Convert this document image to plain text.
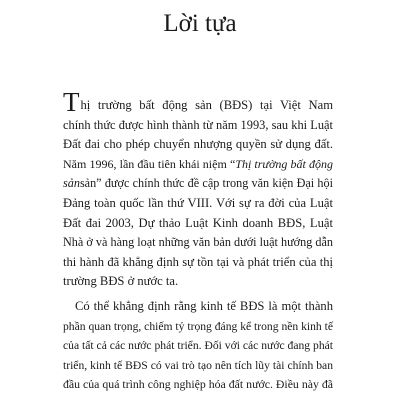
Lời tựa

Thị trường bất động sản (BĐS) tại Việt Nam
chính thức được hình thành từ năm 1993, sau khi Luật
Đất đai cho phép chuyển nhượng quyền sử dụng đất.
Năm 1996, lần đầu tiên khái niệm “Thị trường bất động
sảnsản” được chính thức đề cập trong văn kiện Đại hội
Đảng toàn quốc lần thứ VIII. Với sự ra đời của Luật
Đất đai 2003, Dự thảo Luật Kinh doanh BĐS, Luật
Nhà ở và hàng loạt những văn bản dưới luật hướng dẫn
thi hành đã khẳng định sự tồn tại và phát triển của thị
trường BĐS ở nước ta.

Có thể khẳng định rằng kinh tế BĐS là một thành
phần quan trọng, chiếm tỷ trọng đáng kể trong nền kinh tế
của tất cả các nước phát triển. Đối với các nước đang phát
triển, kinh tế BĐS có vai trò tạo nên tích lũy tài chính ban
đầu của quá trình công nghiệp hóa đất nước. Điều này đã
